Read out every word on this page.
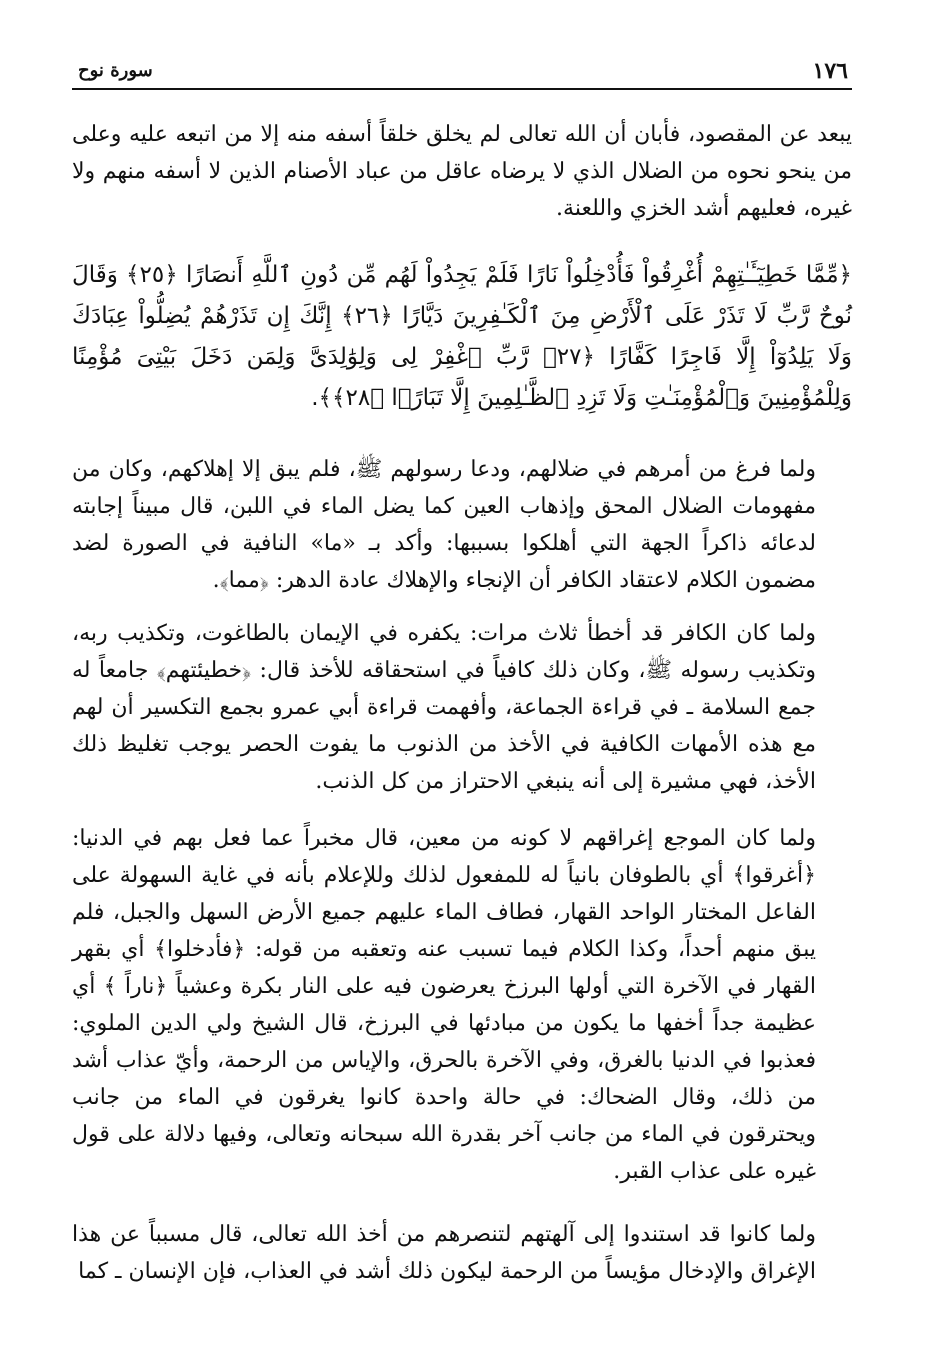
١٧٦
سورة نوح

يبعد عن المقصود، فأبان أن الله تعالى لم يخلق خلقاً أسفه منه إلا من اتبعه عليه وعلى من ينحو نحوه من الضلال الذي لا يرضاه عاقل من عباد الأصنام الذين لا أسفه منهم ولا غيره، فعليهم أشد الخزي واللعنة.

﴿مِّمَّا خَطِيٓـَٔـٰتِهِمْ أُغْرِقُواْ فَأُدْخِلُواْ نَارًا فَلَمْ يَجِدُواْ لَهُم مِّن دُونِ ٱللَّهِ أَنصَارًا ﴿٢٥﴾ وَقَالَ نُوحٌ رَّبِّ لَا تَذَرْ عَلَى ٱلْأَرْضِ مِنَ ٱلْكَـٰفِرِينَ دَيَّارًا ﴿٢٦﴾ إِنَّكَ إِن تَذَرْهُمْ يُضِلُّواْ عِبَادَكَ وَلَا يَلِدُوٓاْ إِلَّا فَاجِرًا كَفَّارًا ﴿٢٧﴾ رَّبِّ ٱغْفِرْ لِى وَلِوَٰلِدَىَّ وَلِمَن دَخَلَ بَيْتِىَ مُؤْمِنًا وَلِلْمُؤْمِنِينَ وَٱلْمُؤْمِنَـٰتِ وَلَا تَزِدِ ٱلظَّـٰلِمِينَ إِلَّا تَبَارًۢا ﴿٢٨﴾﴾.

ولما فرغ من أمرهم في ضلالهم، ودعا رسولهم ﷺ، فلم يبق إلا إهلاكهم، وكان من مفهومات الضلال المحق وإذهاب العين كما يضل الماء في اللبن، قال مبيناً إجابته لدعائه ذاكراً الجهة التي أهلكوا بسببها: وأكد بـ «ما» النافية في الصورة لضد مضمون الكلام لاعتقاد الكافر أن الإنجاء والإهلاك عادة الدهر: ﴿مما﴾.

ولما كان الكافر قد أخطأ ثلاث مرات: يكفره في الإيمان بالطاغوت، وتكذيب ربه، وتكذيب رسوله ﷺ، وكان ذلك كافياً في استحقاقه للأخذ قال: ﴿خطيئتهم﴾ جامعاً له جمع السلامة ـ في قراءة الجماعة، وأفهمت قراءة أبي عمرو بجمع التكسير أن لهم مع هذه الأمهات الكافية في الأخذ من الذنوب ما يفوت الحصر يوجب تغليظ ذلك الأخذ، فهي مشيرة إلى أنه ينبغي الاحتراز من كل الذنب.

ولما كان الموجع إغراقهم لا كونه من معين، قال مخبراً عما فعل بهم في الدنيا: ﴿أغرقوا﴾ أي بالطوفان بانياً له للمفعول لذلك وللإعلام بأنه في غاية السهولة على الفاعل المختار الواحد القهار، فطاف الماء عليهم جميع الأرض السهل والجبل، فلم يبق منهم أحداً، وكذا الكلام فيما تسبب عنه وتعقبه من قوله: ﴿فأدخلوا﴾ أي بقهر القهار في الآخرة التي أولها البرزخ يعرضون فيه على النار بكرة وعشياً ﴿ناراً ﴾ أي عظيمة جداً أخفها ما يكون من مبادئها في البرزخ، قال الشيخ ولي الدين الملوي: فعذبوا في الدنيا بالغرق، وفي الآخرة بالحرق، والإياس من الرحمة، وأيّ عذاب أشد من ذلك، وقال الضحاك: في حالة واحدة كانوا يغرقون في الماء من جانب ويحترقون في الماء من جانب آخر بقدرة الله سبحانه وتعالى، وفيها دلالة على قول غيره على عذاب القبر.

ولما كانوا قد استندوا إلى آلهتهم لتنصرهم من أخذ الله تعالى، قال مسبباً عن هذا الإغراق والإدخال مؤيساً من الرحمة ليكون ذلك أشد في العذاب، فإن الإنسان ـ كما
